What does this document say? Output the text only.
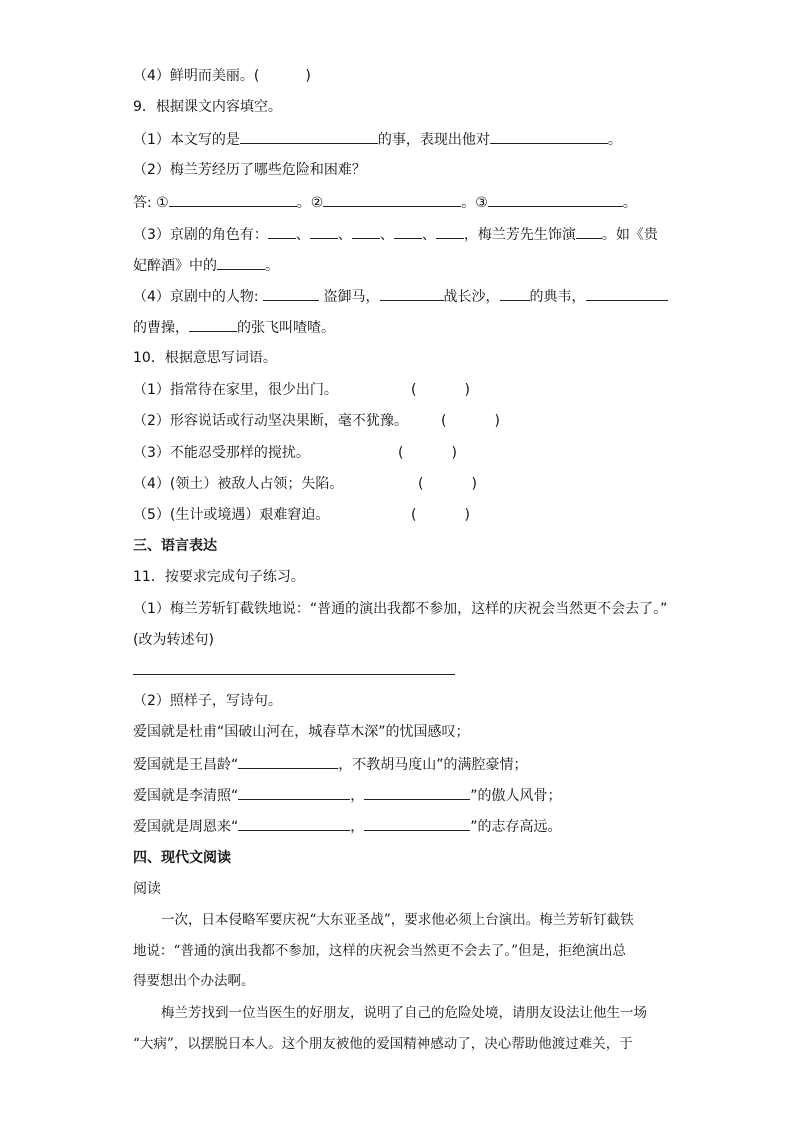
（4）鲜明而美丽。(	)
9．根据课文内容填空。
（1）本文写的是	的事，表现出他对	。
（2）梅兰芳经历了哪些危险和困难？
答: ①	。②	。③	。
（3）京剧的角色有： 、 、 、 、 ，梅兰芳先生饰演 。如《贵
妃醉酒》中的	。
（4）京剧中的人物:	盗御马，	战长沙， 的典韦，
的曹操，	的张飞叫喳喳。
10．根据意思写词语。
（1）指常待在家里，很少出门。	(	)
（2）形容说话或行动坚决果断，毫不犹豫。 (	)
（3）不能忍受那样的搅扰。	(	)
（4）(领土）被敌人占领；失陷。	(	)
（5）(生计或境遇）艰难窘迫。	(	)
三、语言表达
11．按要求完成句子练习。
（1）梅兰芳斩钉截铁地说：“普通的演出我都不参加，这样的庆祝会当然更不会去了。”
(改为转述句)
（2）照样子，写诗句。
爱国就是杜甫“国破山河在，城春草木深”的忧国感叹；
爱国就是王昌龄“	，不教胡马度山”的满腔豪情；
爱国就是李清照“	，	”的傲人风骨；
爱国就是周恩来“	，	”的志存高远。
四、现代文阅读
阅读
一次，日本侵略军要庆祝“大东亚圣战”，要求他必须上台演出。梅兰芳斩钉截铁
地说：“普通的演出我都不参加，这样的庆祝会当然更不会去了。”但是，拒绝演出总
得要想出个办法啊。
梅兰芳找到一位当医生的好朋友，说明了自己的危险处境，请朋友设法让他生一场
“大病”，以摆脱日本人。这个朋友被他的爱国精神感动了，决心帮助他渡过难关，于
